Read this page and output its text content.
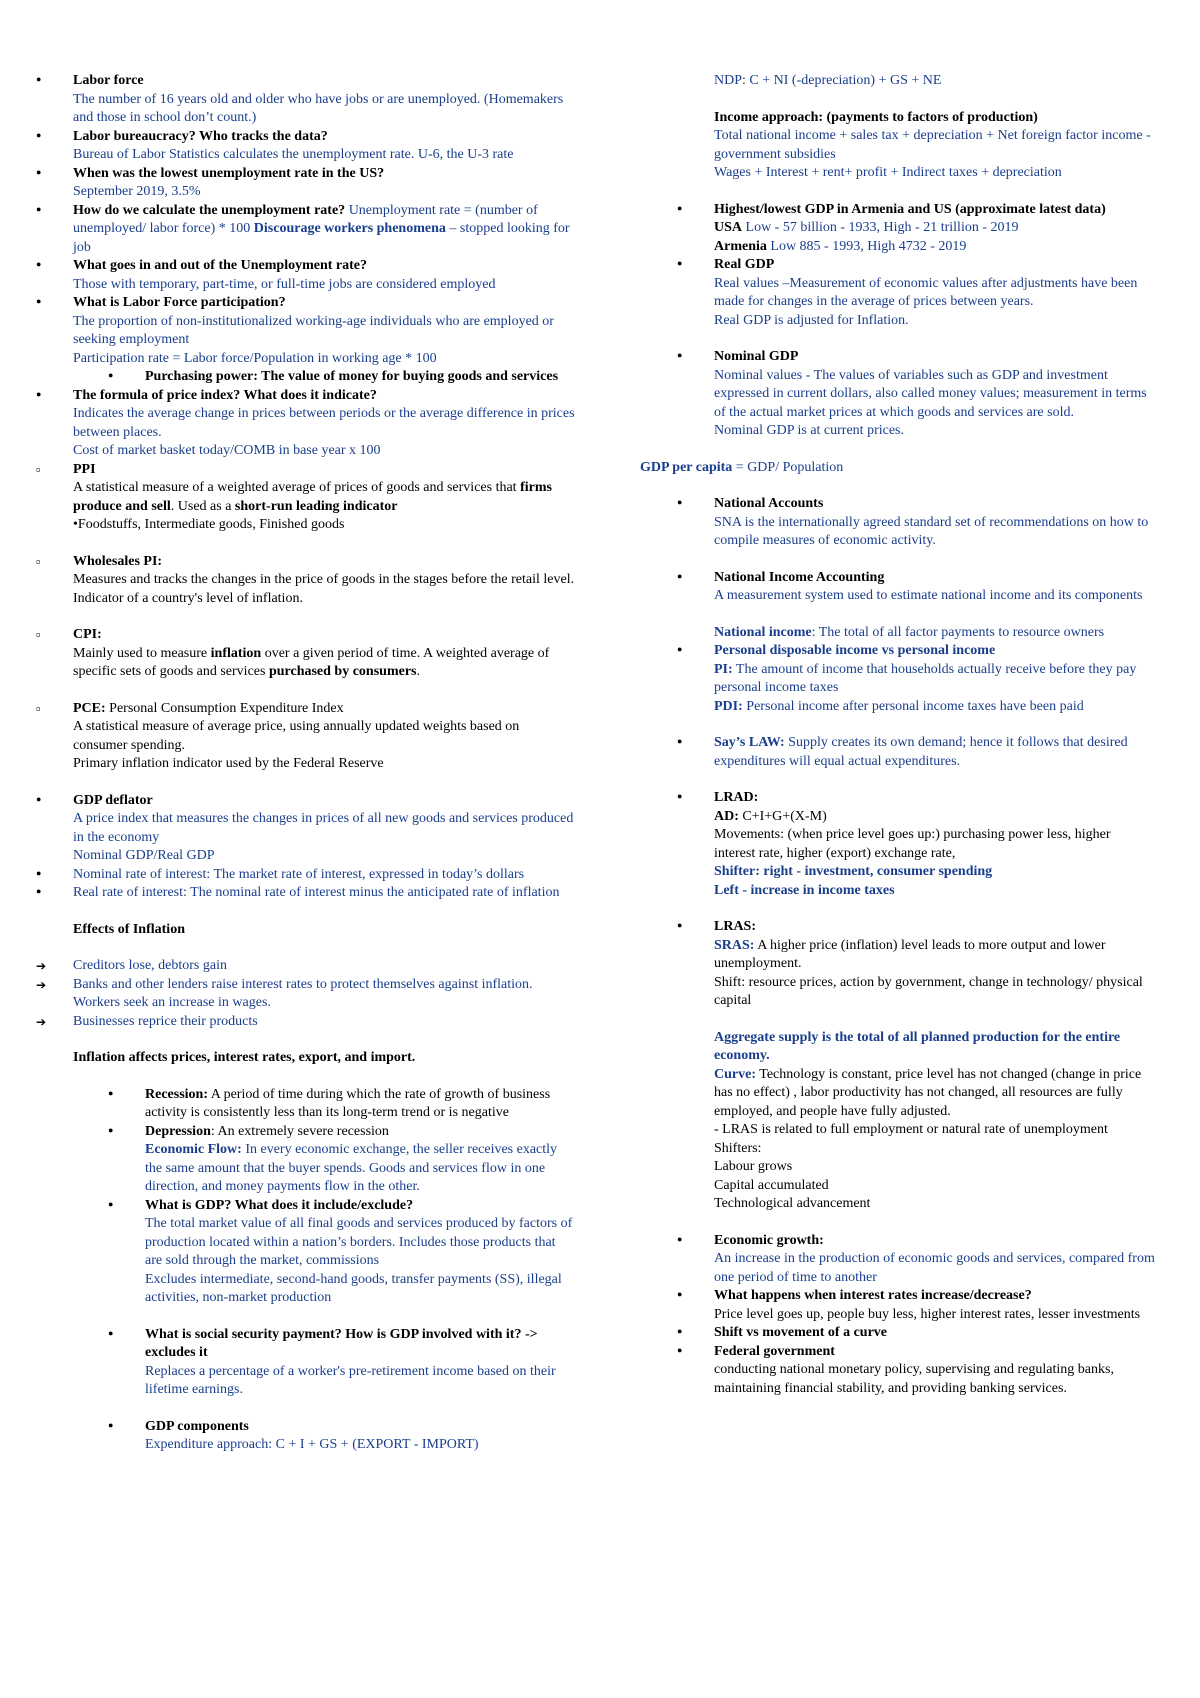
●
Labor force
The number of 16 years old and older who have jobs or are unemployed. (Homemakers and those in school don’t count.)
●
Labor bureaucracy? Who tracks the data?
Bureau of Labor Statistics calculates the unemployment rate. U-6, the U-3 rate
●
When was the lowest unemployment rate in the US?
September 2019, 3.5%
●
How do we calculate the unemployment rate? Unemployment rate = (number of unemployed/ labor force) * 100 Discourage workers phenomena – stopped looking for job
●
What goes in and out of the Unemployment rate?
Those with temporary, part-time, or full-time jobs are considered employed
●
What is Labor Force participation?
The proportion of non-institutionalized working-age individuals who are employed or seeking employment
Participation rate = Labor force/Population in working age * 100
●
Purchasing power: The value of money for buying goods and services
●
The formula of price index? What does it indicate?
Indicates the average change in prices between periods or the average difference in prices between places.
Cost of market basket today/COMB in base year x 100
▫
PPI
A statistical measure of a weighted average of prices of goods and services that firms produce and sell. Used as a short-run leading indicator
•Foodstuffs, Intermediate goods, Finished goods
▫
Wholesales PI:
Measures and tracks the changes in the price of goods in the stages before the retail level. Indicator of a country's level of inflation.
▫
CPI:
Mainly used to measure inflation over a given period of time. A weighted average of specific sets of goods and services purchased by consumers.
▫
PCE: Personal Consumption Expenditure Index
A statistical measure of average price, using annually updated weights based on consumer spending.
Primary inflation indicator used by the Federal Reserve
●
GDP deflator
A price index that measures the changes in prices of all new goods and services produced in the economy
Nominal GDP/Real GDP
●
Nominal rate of interest: The market rate of interest, expressed in today’s dollars
●
Real rate of interest: The nominal rate of interest minus the anticipated rate of inflation
Effects of Inflation
➔
Creditors lose, debtors gain
➔
Banks and other lenders raise interest rates to protect themselves against inflation. Workers seek an increase in wages.
➔
Businesses reprice their products
Inflation affects prices, interest rates, export, and import.
●
Recession: A period of time during which the rate of growth of business activity is consistently less than its long-term trend or is negative
●
Depression: An extremely severe recession
Economic Flow: In every economic exchange, the seller receives exactly the same amount that the buyer spends. Goods and services flow in one direction, and money payments flow in the other.
●
What is GDP? What does it include/exclude?
The total market value of all final goods and services produced by factors of production located within a nation’s borders. Includes those products that are sold through the market, commissions
Excludes intermediate, second-hand goods, transfer payments (SS), illegal activities, non-market production
●
What is social security payment? How is GDP involved with it? -> excludes it
Replaces a percentage of a worker's pre-retirement income based on their lifetime earnings.
●
GDP components
Expenditure approach: C + I + GS + (EXPORT - IMPORT)
NDP: C + NI (-depreciation) + GS + NE
Income approach: (payments to factors of production)
Total national income + sales tax + depreciation + Net foreign factor income - government subsidies
Wages + Interest + rent+ profit + Indirect taxes + depreciation
●
Highest/lowest GDP in Armenia and US (approximate latest data)
USA Low - 57 billion - 1933, High - 21 trillion - 2019
Armenia Low 885 - 1993, High 4732 - 2019
●
Real GDP
Real values –Measurement of economic values after adjustments have been made for changes in the average of prices between years.
Real GDP is adjusted for Inflation.
●
Nominal GDP
Nominal values - The values of variables such as GDP and investment expressed in current dollars, also called money values; measurement in terms of the actual market prices at which goods and services are sold.
Nominal GDP is at current prices.
GDP per capita = GDP/ Population
●
National Accounts
SNA is the internationally agreed standard set of recommendations on how to compile measures of economic activity.
●
National Income Accounting
A measurement system used to estimate national income and its components
National income: The total of all factor payments to resource owners
●
Personal disposable income vs personal income
PI: The amount of income that households actually receive before they pay personal income taxes
PDI: Personal income after personal income taxes have been paid
●
Say’s LAW: Supply creates its own demand; hence it follows that desired expenditures will equal actual expenditures.
●
LRAD:
AD: C+I+G+(X-M)
Movements: (when price level goes up:) purchasing power less, higher interest rate, higher (export) exchange rate,
Shifter: right - investment, consumer spending
Left - increase in income taxes
●
LRAS:
SRAS: A higher price (inflation) level leads to more output and lower unemployment.
Shift: resource prices, action by government, change in technology/ physical capital
Aggregate supply is the total of all planned production for the entire economy.
Curve: Technology is constant, price level has not changed (change in price has no effect) , labor productivity has not changed, all resources are fully employed, and people have fully adjusted.
- LRAS is related to full employment or natural rate of unemployment
Shifters:
Labour grows
Capital accumulated
Technological advancement
●
Economic growth:
An increase in the production of economic goods and services, compared from one period of time to another
●
What happens when interest rates increase/decrease?
Price level goes up, people buy less, higher interest rates, lesser investments
●
Shift vs movement of a curve
●
Federal government
conducting national monetary policy, supervising and regulating banks, maintaining financial stability, and providing banking services.
